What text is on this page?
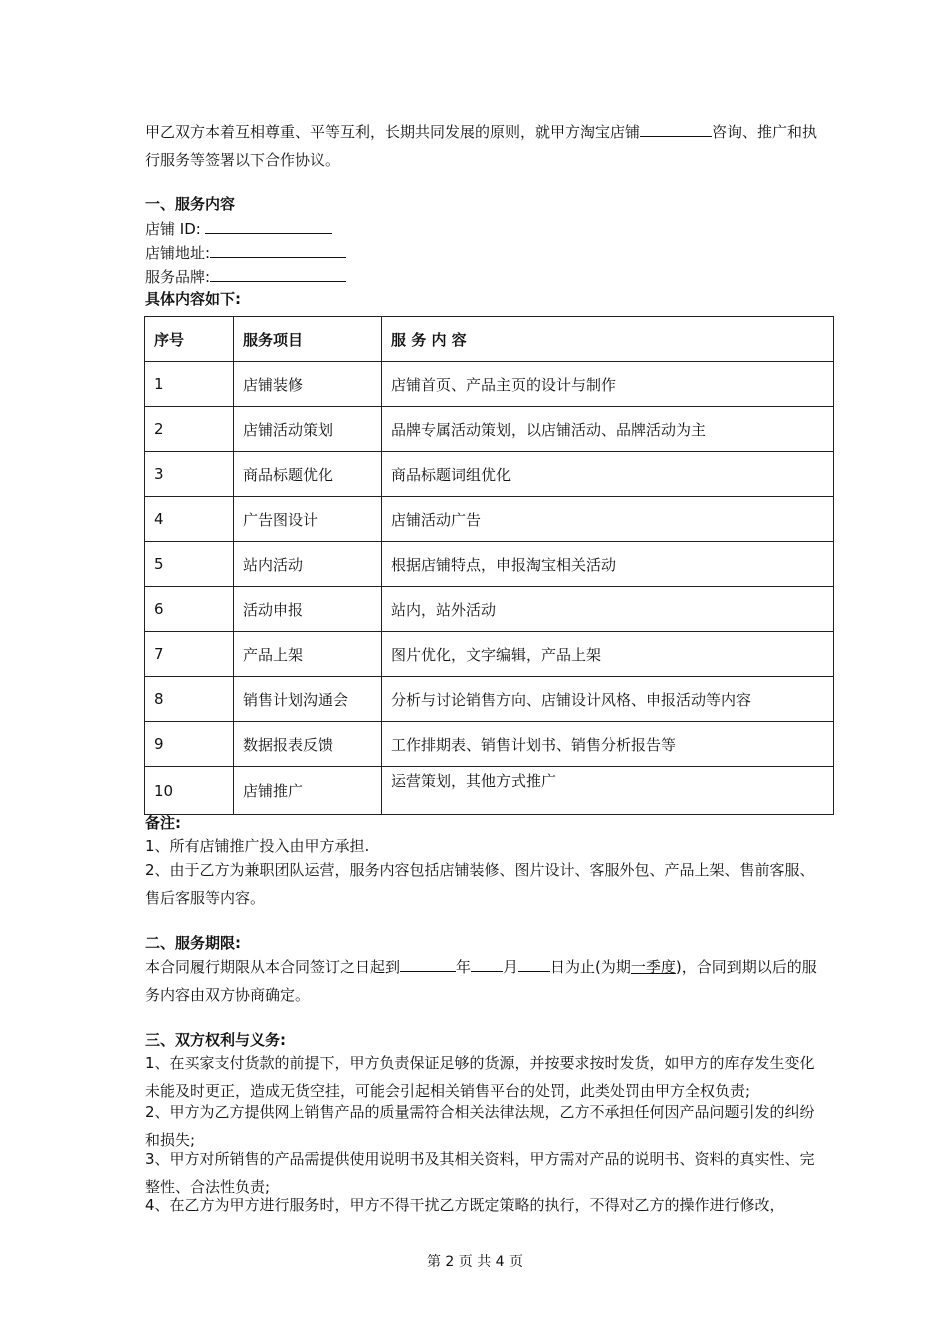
甲乙双方本着互相尊重、平等互利，长期共同发展的原则，就甲方淘宝店铺	咨询、推广和执行服务等签署以下合作协议。

一、服务内容

店铺 ID:

店铺地址:

服务品牌:

具体内容如下:

序号	服务项目	服 务 内 容
1	店铺装修	店铺首页、产品主页的设计与制作
2	店铺活动策划	品牌专属活动策划，以店铺活动、品牌活动为主
3	商品标题优化	商品标题词组优化
4	广告图设计	店铺活动广告
5	站内活动	根据店铺特点，申报淘宝相关活动
6	活动申报	站内，站外活动
7	产品上架	图片优化，文字编辑，产品上架
8	销售计划沟通会	分析与讨论销售方向、店铺设计风格、申报活动等内容
9	数据报表反馈	工作排期表、销售计划书、销售分析报告等
10	店铺推广	运营策划，其他方式推广

备注:

1、所有店铺推广投入由甲方承担.

2、由于乙方为兼职团队运营，服务内容包括店铺装修、图片设计、客服外包、产品上架、售前客服、售后客服等内容。

二、服务期限:

本合同履行期限从本合同签订之日起到	年 月 日为止(为期一季度)，合同到期以后的服务内容由双方协商确定。

三、双方权利与义务:

1、在买家支付货款的前提下，甲方负责保证足够的货源，并按要求按时发货，如甲方的库存发生变化未能及时更正，造成无货空挂，可能会引起相关销售平台的处罚，此类处罚由甲方全权负责;

2、甲方为乙方提供网上销售产品的质量需符合相关法律法规，乙方不承担任何因产品问题引发的纠纷和损失;

3、甲方对所销售的产品需提供使用说明书及其相关资料，甲方需对产品的说明书、资料的真实性、完整性、合法性负责;

4、在乙方为甲方进行服务时，甲方不得干扰乙方既定策略的执行，不得对乙方的操作进行修改，

第 2 页 共 4 页
